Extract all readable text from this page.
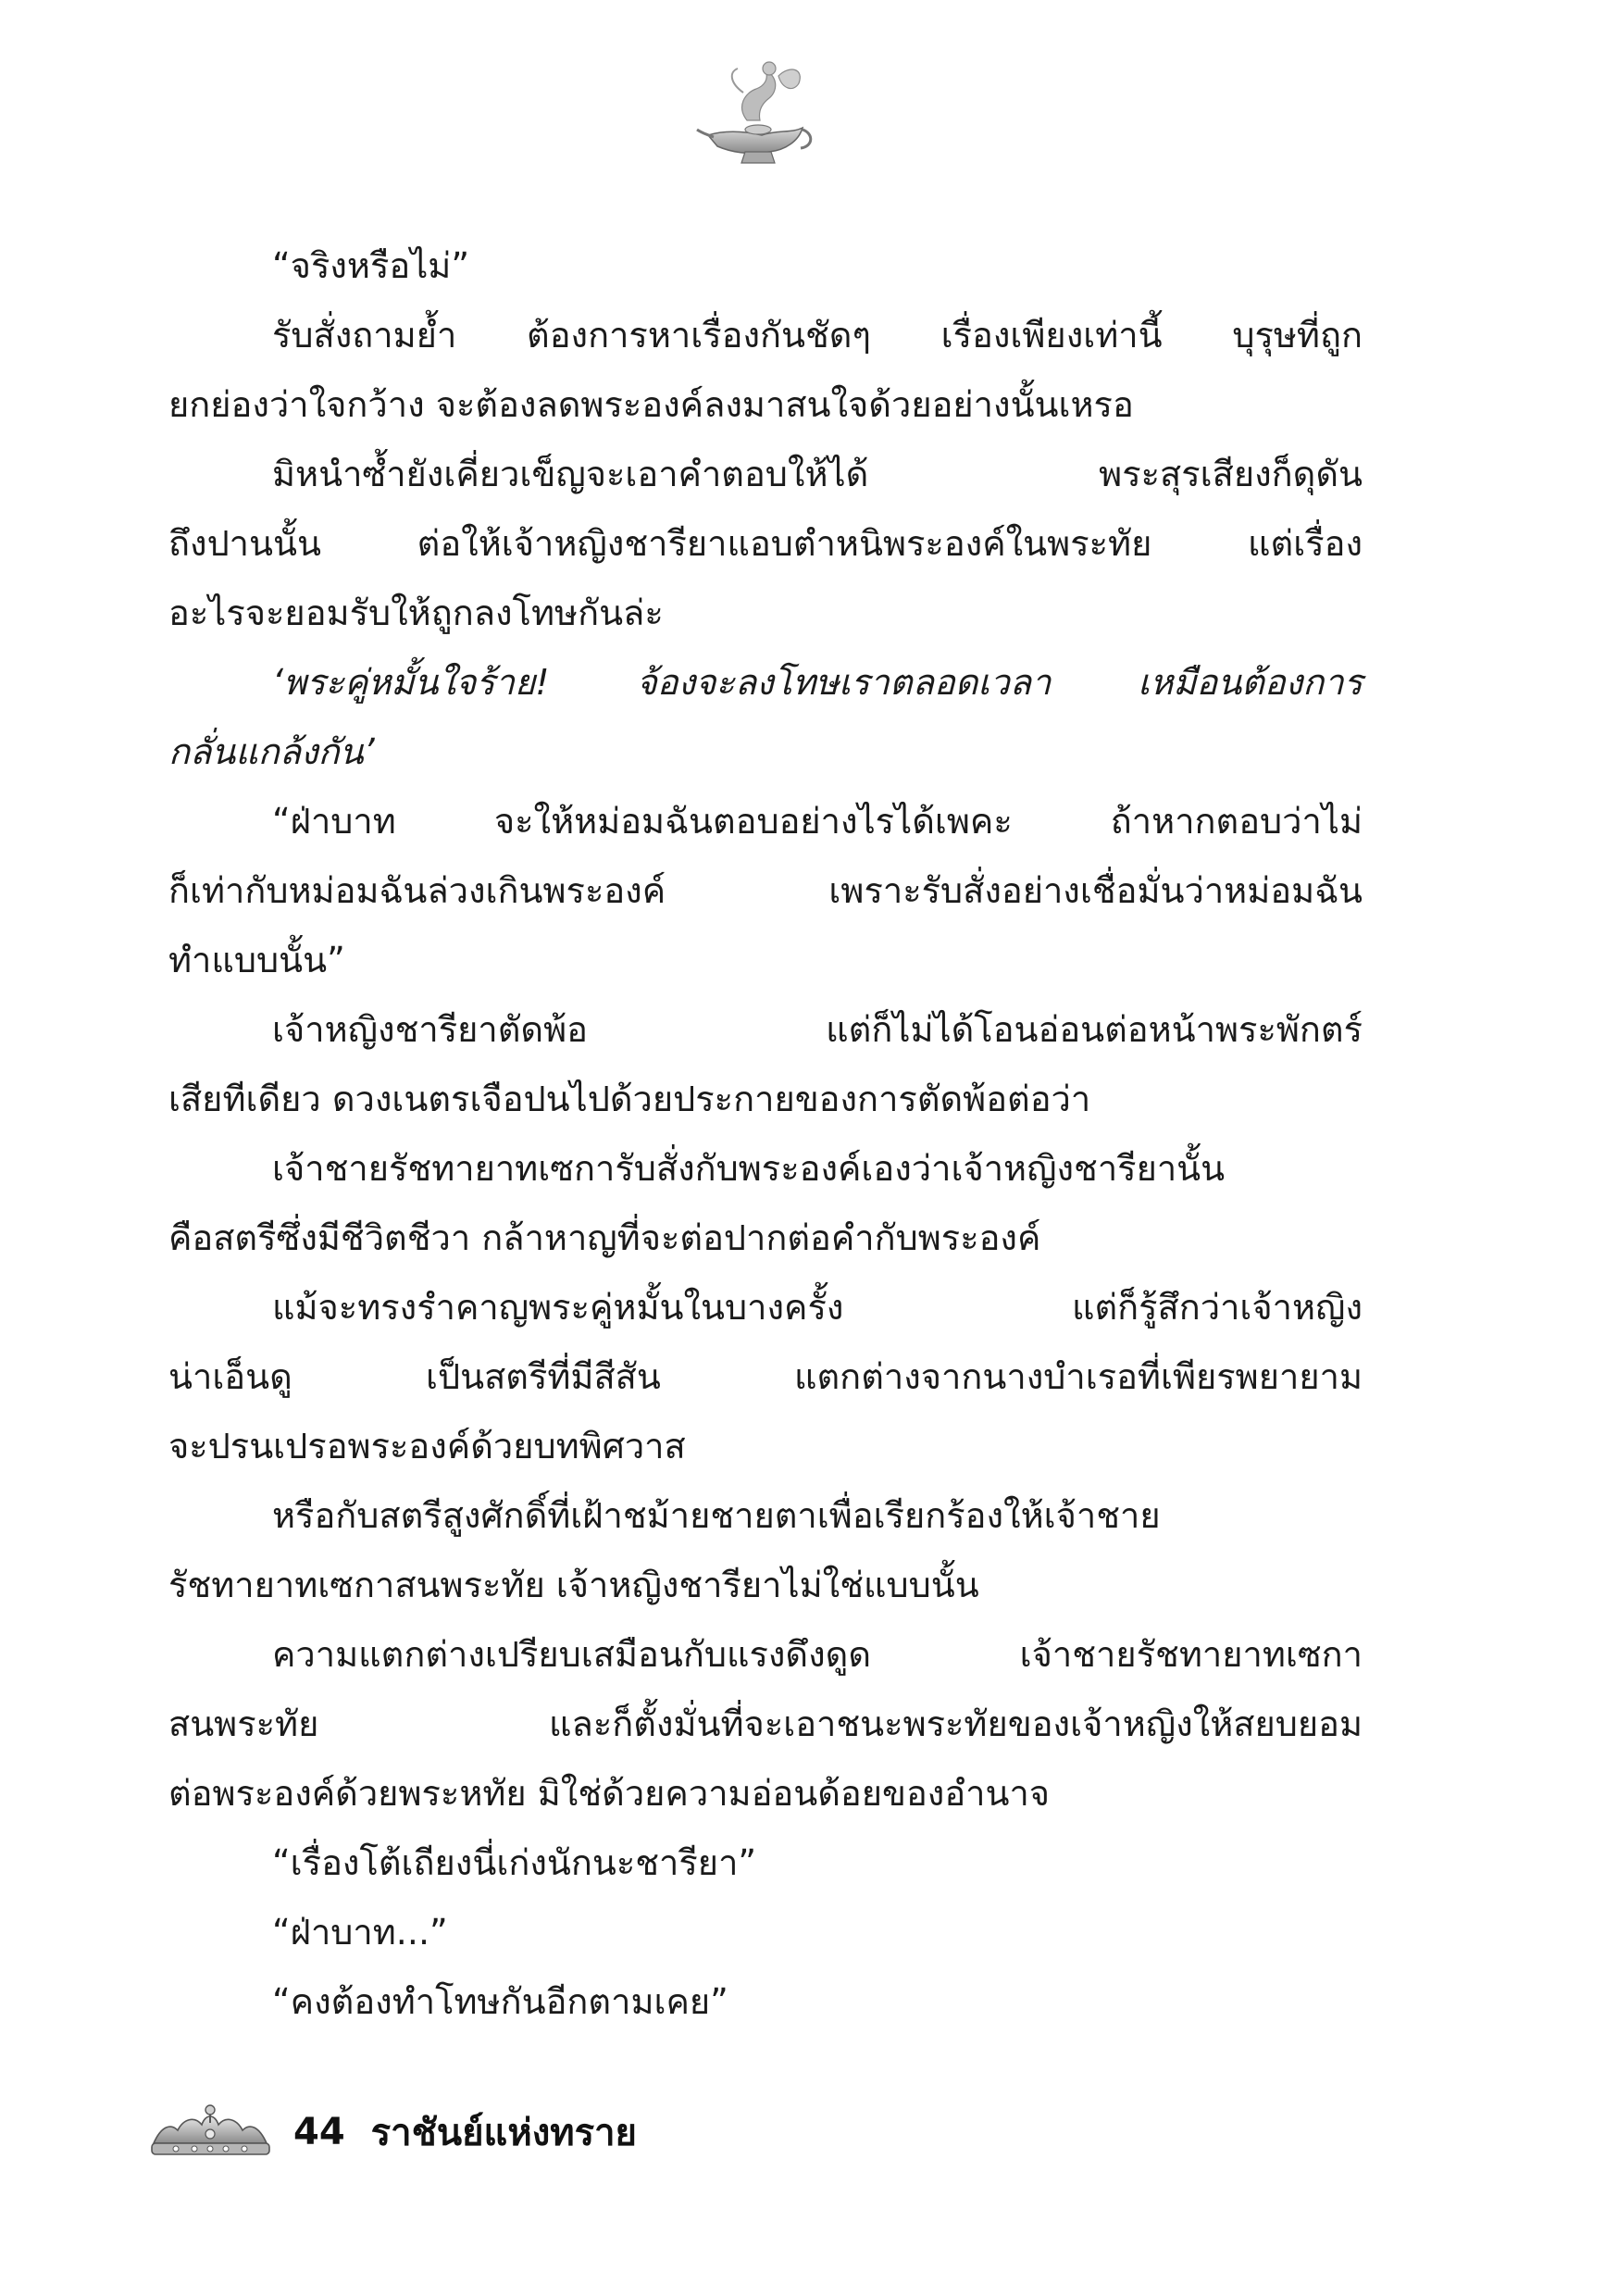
“จริงหรือไม่”
รับสั่งถามย้ำ ต้องการหาเรื่องกันชัดๆ เรื่องเพียงเท่านี้ บุรุษที่ถูก
ยกย่องว่าใจกว้าง จะต้องลดพระองค์ลงมาสนใจด้วยอย่างนั้นเหรอ
มิหนำซ้ำยังเคี่ยวเข็ญจะเอาคำตอบให้ได้ พระสุรเสียงก็ดุดัน
ถึงปานนั้น ต่อให้เจ้าหญิงชารียาแอบตำหนิพระองค์ในพระทัย แต่เรื่อง
อะไรจะยอมรับให้ถูกลงโทษกันล่ะ
‘พระคู่หมั้นใจร้าย! จ้องจะลงโทษเราตลอดเวลา เหมือนต้องการ
กลั่นแกล้งกัน’
“ฝ่าบาท จะให้หม่อมฉันตอบอย่างไรได้เพคะ ถ้าหากตอบว่าไม่
ก็เท่ากับหม่อมฉันล่วงเกินพระองค์ เพราะรับสั่งอย่างเชื่อมั่นว่าหม่อมฉัน
ทำแบบนั้น”
เจ้าหญิงชารียาตัดพ้อ แต่ก็ไม่ได้โอนอ่อนต่อหน้าพระพักตร์
เสียทีเดียว ดวงเนตรเจือปนไปด้วยประกายของการตัดพ้อต่อว่า
เจ้าชายรัชทายาทเซการับสั่งกับพระองค์เองว่าเจ้าหญิงชารียานั้น
คือสตรีซึ่งมีชีวิตชีวา กล้าหาญที่จะต่อปากต่อคำกับพระองค์
แม้จะทรงรำคาญพระคู่หมั้นในบางครั้ง แต่ก็รู้สึกว่าเจ้าหญิง
น่าเอ็นดู เป็นสตรีที่มีสีสัน แตกต่างจากนางบำเรอที่เพียรพยายาม
จะปรนเปรอพระองค์ด้วยบทพิศวาส
หรือกับสตรีสูงศักดิ์ที่เฝ้าชม้ายชายตาเพื่อเรียกร้องให้เจ้าชาย
รัชทายาทเซกาสนพระทัย เจ้าหญิงชารียาไม่ใช่แบบนั้น
ความแตกต่างเปรียบเสมือนกับแรงดึงดูด เจ้าชายรัชทายาทเซกา
สนพระทัย และก็ตั้งมั่นที่จะเอาชนะพระทัยของเจ้าหญิงให้สยบยอม
ต่อพระองค์ด้วยพระหทัย มิใช่ด้วยความอ่อนด้อยของอำนาจ
“เรื่องโต้เถียงนี่เก่งนักนะชารียา”
“ฝ่าบาท...”
“คงต้องทำโทษกันอีกตามเคย”
44 ราชันย์แห่งทราย
